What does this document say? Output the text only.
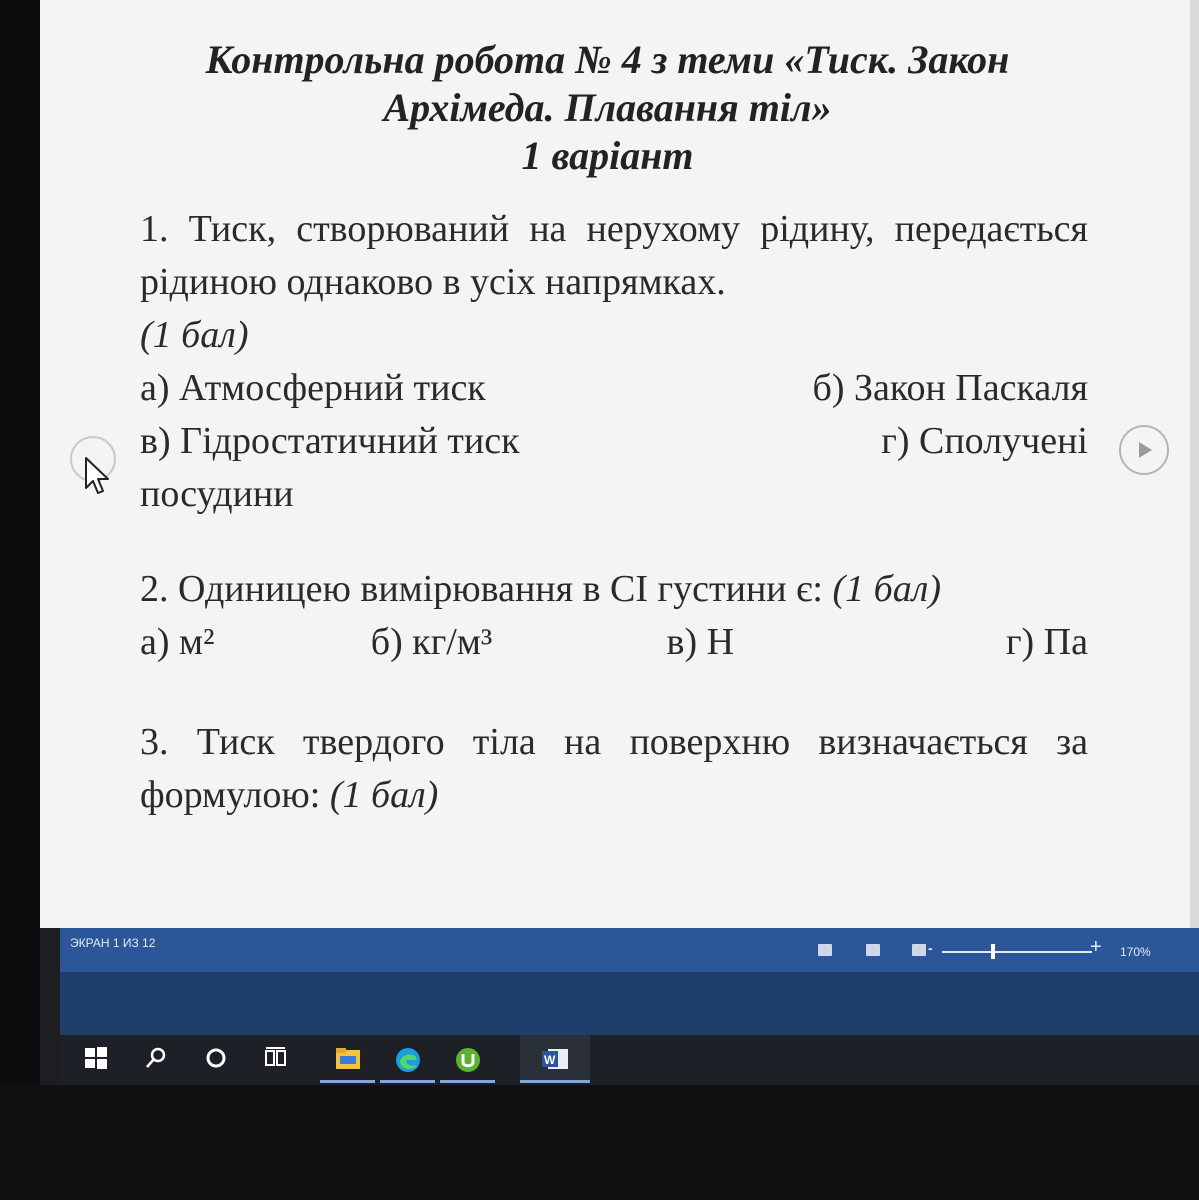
Контрольна робота № 4 з теми «Тиск. Закон
Архімеда. Плавання тіл»
1 варіант
1. Тиск, створюваний на нерухому рідину, передається рідиною однаково в усіх напрямках.
(1 бал)
а) Атмосферний тиск	б) Закон Паскаля
в) Гідростатичний тиск	г) Сполучені
посудини
2. Одиницею вимірювання в СІ густини є: (1 бал)
а) м²	б) кг/м³	в) Н	г) Па
3. Тиск твердого тіла на поверхню визначається за формулою: (1 бал)
ЭКРАН 1 ИЗ 12	-	+ 170%
W
